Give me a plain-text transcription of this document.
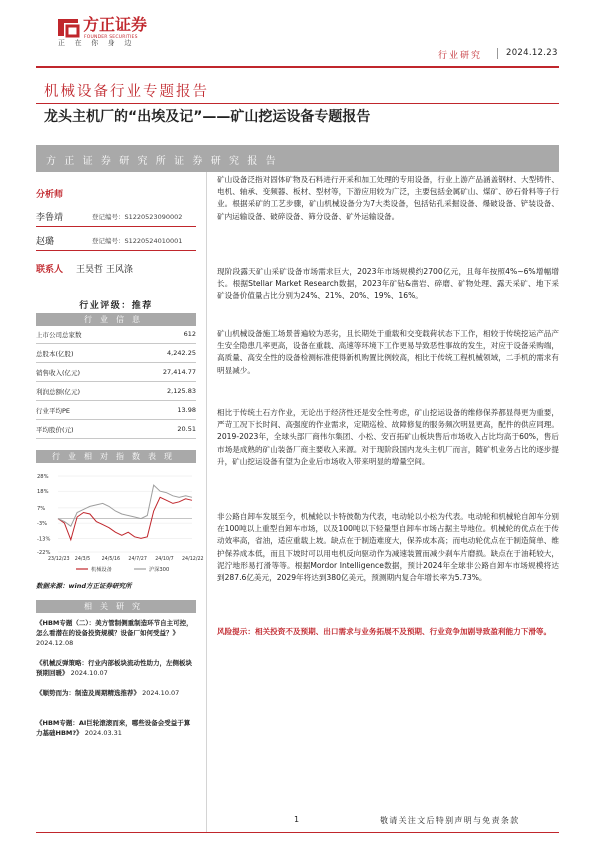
方正证券
FOUNDER SECURITIES
正在你身边
行业研究	2024.12.23
机械设备行业专题报告
龙头主机厂的“出埃及记”——矿山挖运设备专题报告
方正证券研究所证券研究报告
分析师
李鲁靖	登记编号：S1220523090002
赵璐	登记编号：S1220524010001
联系人 王昊哲 王风涤
行业评级：推荐
行业信息
上市公司总家数	612
总股本(亿股)	4,242.25
销售收入(亿元)	27,414.77
利润总额(亿元)	2,125.83
行业平均PE	13.98
平均股价(元)	20.51
行业相对指数表现
28%
18%
7%
-3%
-13%
-22%
23/12/23 24/3/5 24/5/16 24/7/27 24/10/7 24/12/22
机械设备	沪深300
数据来源：wind方正证券研究所
相关研究
《HBM专题（二）：美方管制侧重制造环节自主可控，怎么看潜在的设备投资规模？设备厂如何受益？》 2024.12.08
《机械反弹策略：行业内部板块流动性助力，左侧板块预期回暖》 2024.10.07
《顺势而为：制造及周期精选推荐》 2024.10.07
《HBM专题：AI巨轮滚滚而来，哪些设备会受益于算力基础HBM?》 2024.03.31

矿山设备泛指对固体矿物及石料进行开采和加工处理的专用设备，行业上游产品涵盖钢材、大型铸件、电机、轴承、变频器、板材、型材等，下游应用较为广泛，主要包括金属矿山、煤矿、砂石骨料等子行业。根据采矿的工艺步骤，矿山机械设备分为7大类设备，包括钻孔采掘设备、爆破设备、铲装设备、矿内运输设备、破碎设备、筛分设备、矿外运输设备。

现阶段露天矿山采矿设备市场需求巨大，2023年市场规模约2700亿元，且每年按照4%~6%增幅增长。根据Stellar Market Research数据，2023年矿钻&凿岩、碎磨、矿物处理、露天采矿、地下采矿设备价值量占比分别为24%、21%、20%、19%、16%。

矿山机械设备施工场景普遍较为恶劣，且长期处于重载和交变载荷状态下工作，相较于传统挖运产品产生安全隐患几率更高，设备在重载、高速等环境下工作更易导致恶性事故的发生，对应于设备采购端，高质量、高安全性的设备检测标准使得新机购置比例较高，相比于传统工程机械领域，二手机的需求有明显减少。

相比于传统土石方作业，无论出于经济性还是安全性考虑，矿山挖运设备的维修保养都显得更为重要，严苛工况下长时间、高强度的作业需求，定期巡检、故障修复的服务频次明显更高，配件的供应同理。2019-2023年，全球头部厂商伟尔集团、小松、安百拓矿山板块售后市场收入占比均高于60%，售后市场是成熟的矿山装备厂商主要收入来源。对于现阶段国内龙头主机厂而言，随矿机业务占比的逐步提升，矿山挖运设备有望为企业后市场收入带来明显的增量空间。

非公路自卸车发展至今，机械轮以卡特彼勒为代表，电动轮以小松为代表。电动轮和机械轮自卸车分别在100吨以上重型自卸车市场，以及100吨以下轻量型自卸车市场占据主导地位。机械轮的优点在于传动效率高，省油，适应重载上坡。缺点在于制造难度大，保养成本高；而电动轮优点在于制造简单、维护保养成本低，而且下坡时可以用电机反向驱动作为减速装置而减少刹车片磨损。缺点在于油耗较大，泥泞地形易打滑等等。根据Mordor Intelligence数据，预计2024年全球非公路自卸车市场规模将达到287.6亿美元，2029年将达到380亿美元，预测期内复合年增长率为5.73%。

风险提示：相关投资不及预期、出口需求与业务拓展不及预期、行业竞争加剧导致盈利能力下滑等。

1	敬请关注文后特别声明与免责条款
